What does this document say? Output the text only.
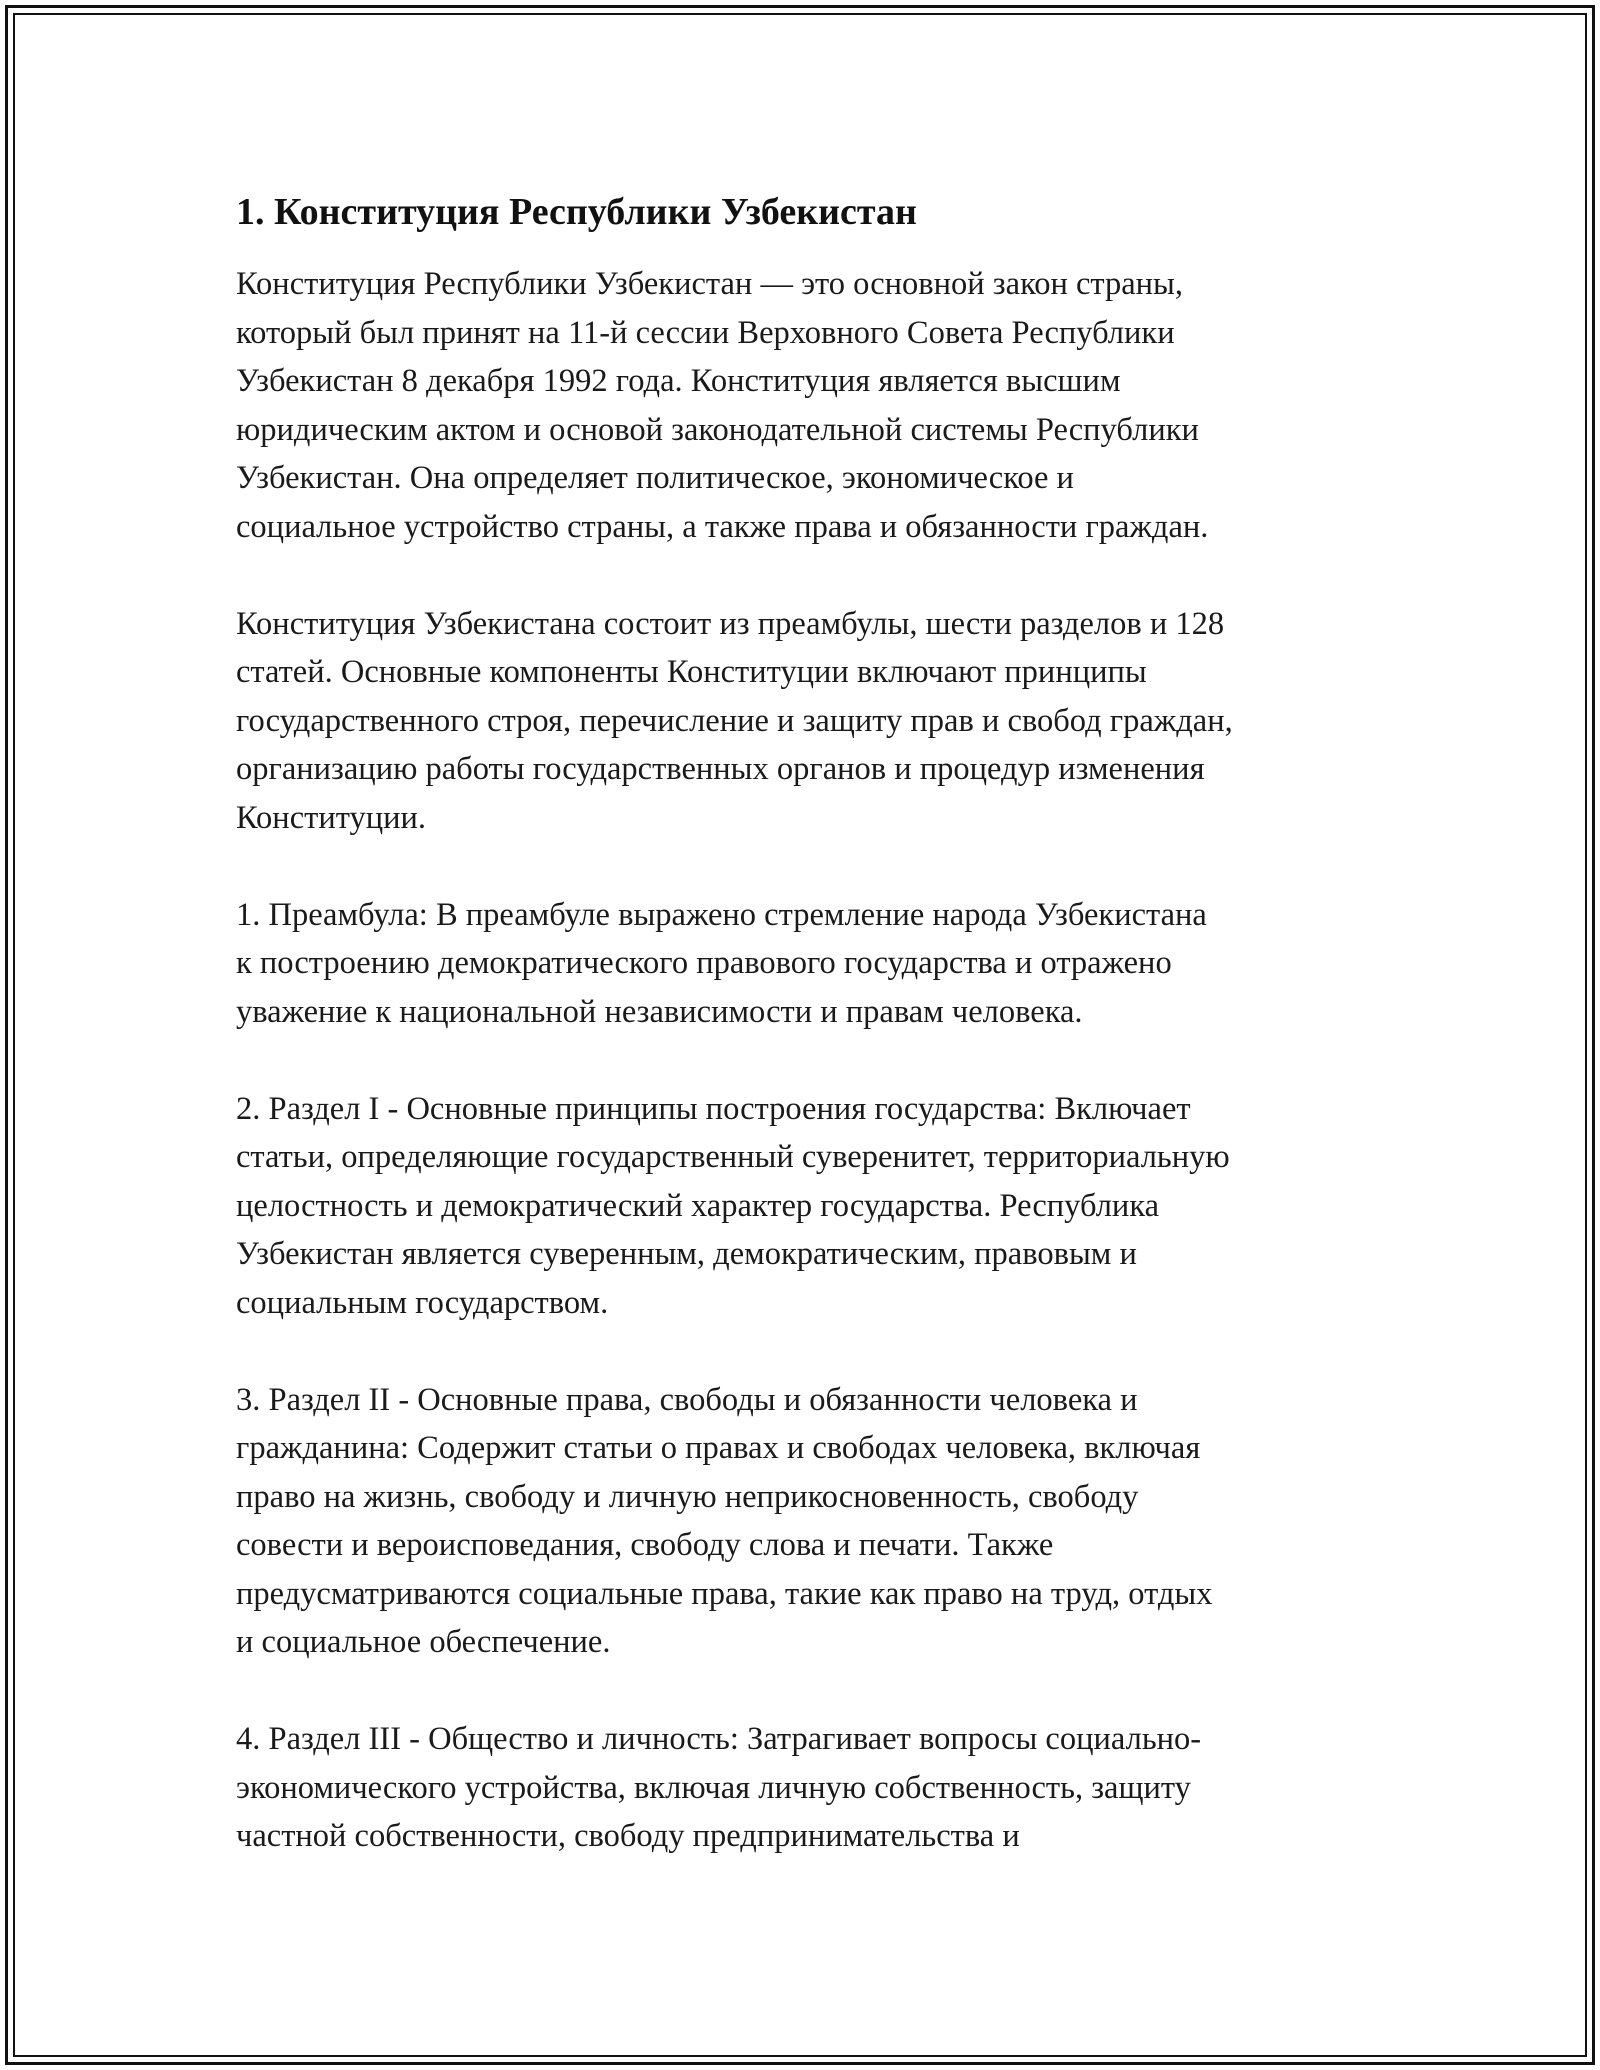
1. Конституция Республики Узбекистан

Конституция Республики Узбекистан — это основной закон страны,
который был принят на 11-й сессии Верховного Совета Республики
Узбекистан 8 декабря 1992 года. Конституция является высшим
юридическим актом и основой законодательной системы Республики
Узбекистан. Она определяет политическое, экономическое и
социальное устройство страны, а также права и обязанности граждан.

Конституция Узбекистана состоит из преамбулы, шести разделов и 128
статей. Основные компоненты Конституции включают принципы
государственного строя, перечисление и защиту прав и свобод граждан,
организацию работы государственных органов и процедур изменения
Конституции.

1. Преамбула: В преамбуле выражено стремление народа Узбекистана
к построению демократического правового государства и отражено
уважение к национальной независимости и правам человека.

2. Раздел I - Основные принципы построения государства: Включает
статьи, определяющие государственный суверенитет, территориальную
целостность и демократический характер государства. Республика
Узбекистан является суверенным, демократическим, правовым и
социальным государством.

3. Раздел II - Основные права, свободы и обязанности человека и
гражданина: Содержит статьи о правах и свободах человека, включая
право на жизнь, свободу и личную неприкосновенность, свободу
совести и вероисповедания, свободу слова и печати. Также
предусматриваются социальные права, такие как право на труд, отдых
и социальное обеспечение.

4. Раздел III - Общество и личность: Затрагивает вопросы социально-
экономического устройства, включая личную собственность, защиту
частной собственности, свободу предпринимательства и
